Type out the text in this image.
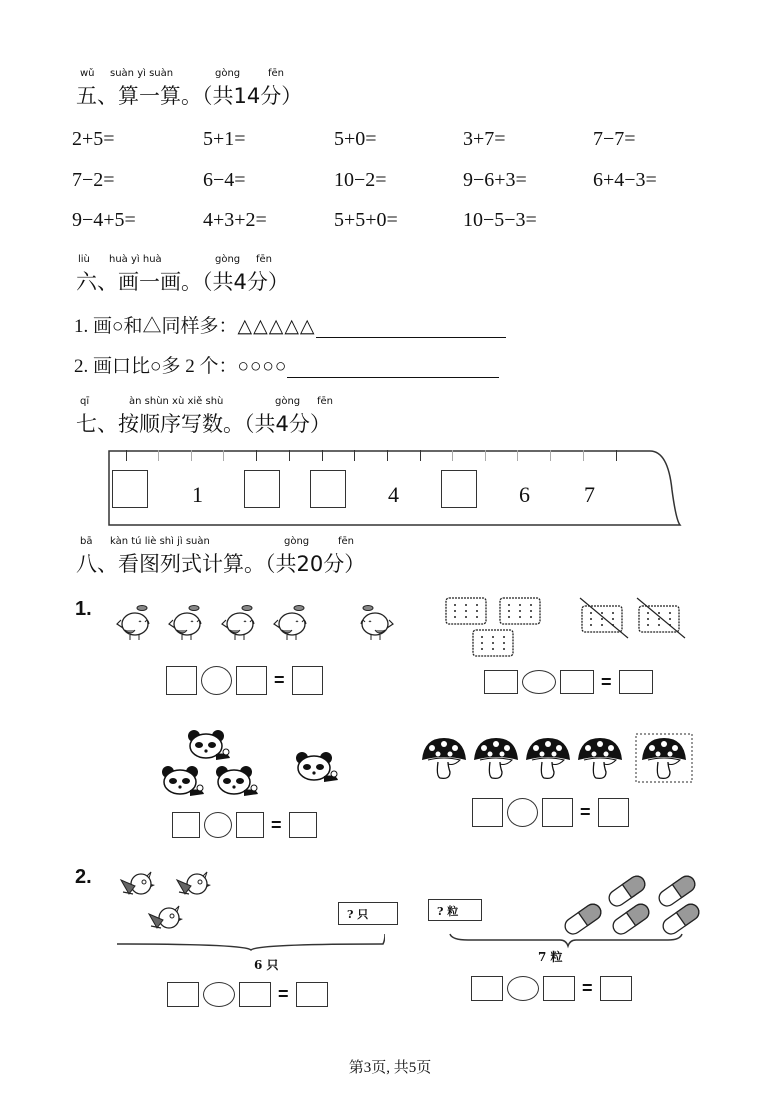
wǔ suàn yì suàn	gòng	fēn
五、算一算。（共14分）
2+5=	5+1=	5+0=	3+7=	7−7=
7−2=	6−4=	10−2=	9−6+3=	6+4−3=
9−4+5=	4+3+2=	5+5+0=	10−5−3=
liù huà yì huà	gòng fēn
六、画一画。（共4分）
1. 画○和△同样多：△△△△△
2. 画口比○多 2 个：○○○○
qī	àn shùn xù xiě shù	gòng fēn
七、按顺序写数。（共4分）
1	4	6 7
bā kàn tú liè shì jì suàn	gòng	fēn
八、看图列式计算。（共20分）
1.
=	=
=
=
2.
? 只
6 只
=
? 粒
7 粒
=
第3页, 共5页
